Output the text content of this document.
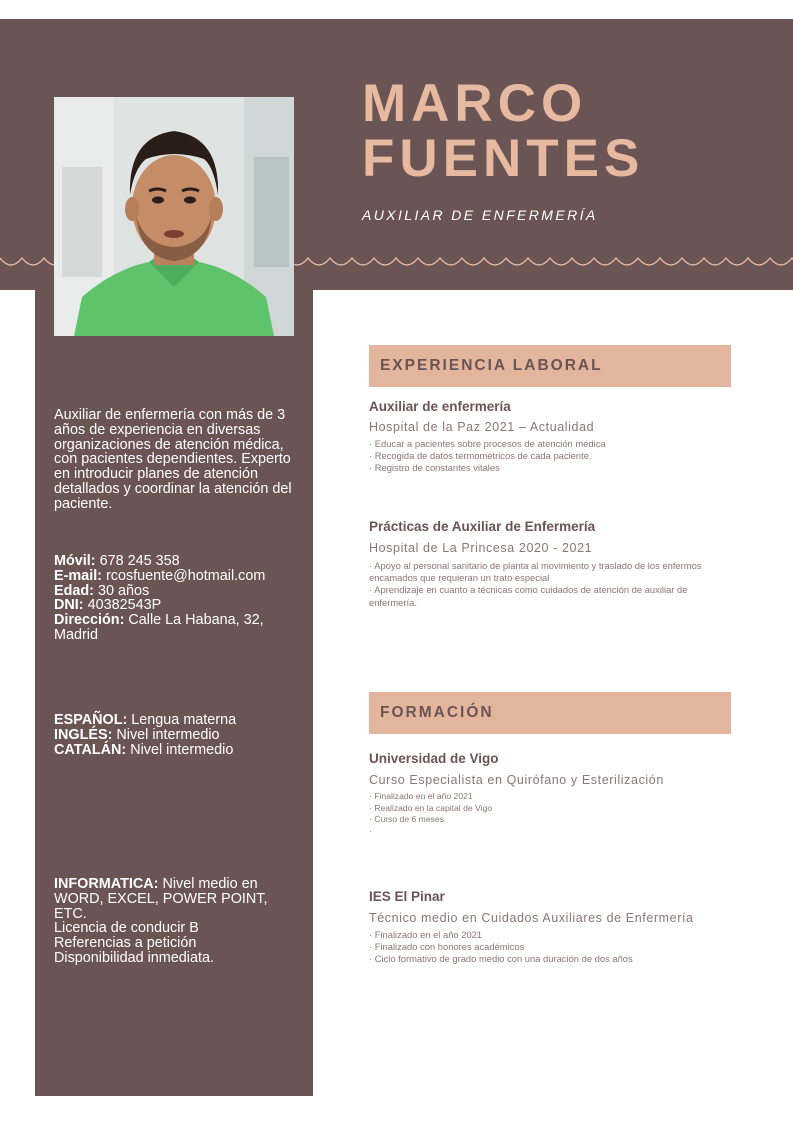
MARCO
FUENTES
AUXILIAR DE ENFERMERÍA
Auxiliar de enfermería con más de 3 años de experiencia en diversas organizaciones de atención médica, con pacientes dependientes. Experto en introducir planes de atención detallados y coordinar la atención del paciente.
Móvil: 678 245 358
E-mail: rcosfuente@hotmail.com
Edad: 30 años
DNI: 40382543P
Dirección: Calle La Habana, 32, Madrid
ESPAÑOL: Lengua materna
INGLÉS: Nivel intermedio
CATALÁN: Nivel intermedio
INFORMATICA: Nivel medio en WORD, EXCEL, POWER POINT, ETC.
Licencia de conducir B
Referencias a petición
Disponibilidad inmediata.
EXPERIENCIA LABORAL

Auxiliar de enfermería

Hospital de la Paz 2021 – Actualidad

· Educar a pacientes sobre procesos de atención médica

· Recogida de datos termométricos de cada paciente.

· Registro de constantes vitales

Prácticas de Auxiliar de Enfermería

Hospital de La Princesa 2020 - 2021

· Apoyo al personal sanitario de planta al movimiento y traslado de los enfermos encamados que requieran un trato especial

· Aprendizaje en cuanto a técnicas como cuidados de atención de auxiliar de enfermería.

FORMACIÓN

Universidad de Vigo

Curso Especialista en Quirófano y Esterilización

· Finalizado en el año 2021

· Realizado en la capital de Vigo

· Curso de 6 meses

·

IES El Pinar

Técnico medio en Cuidados Auxiliares de Enfermería

· Finalizado en el año 2021

· Finalizado con honores académicos

· Ciclo formativo de grado medio con una duración de dos años
